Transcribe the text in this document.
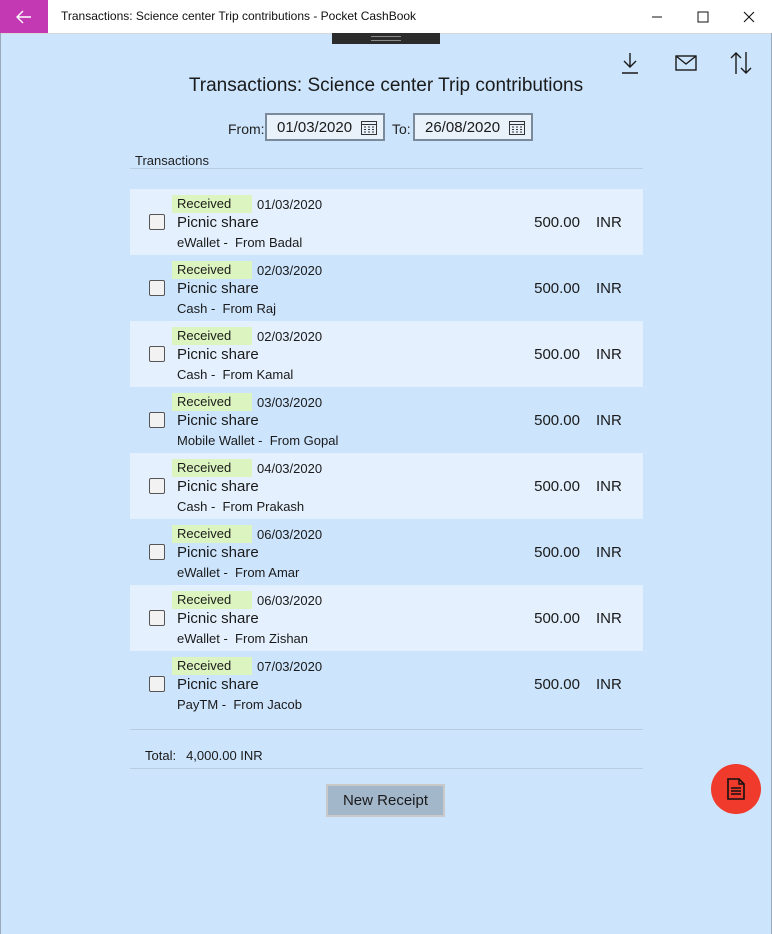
Transactions: Science center Trip contributions - Pocket CashBook
Transactions: Science center Trip contributions
From: 01/03/2020	To: 26/08/2020
Transactions
Received	01/03/2020
Picnic share
eWallet -  From Badal
500.00 INR
Received	02/03/2020
Picnic share
Cash -  From Raj
500.00 INR
Received	02/03/2020
Picnic share
Cash -  From Kamal
500.00 INR
Received	03/03/2020
Picnic share
Mobile Wallet -  From Gopal
500.00 INR
Received	04/03/2020
Picnic share
Cash -  From Prakash
500.00 INR
Received	06/03/2020
Picnic share
eWallet -  From Amar
500.00 INR
Received	06/03/2020
Picnic share
eWallet -  From Zishan
500.00 INR
Received	07/03/2020
Picnic share
PayTM -  From Jacob
500.00 INR
Total: 4,000.00 INR
New Receipt
